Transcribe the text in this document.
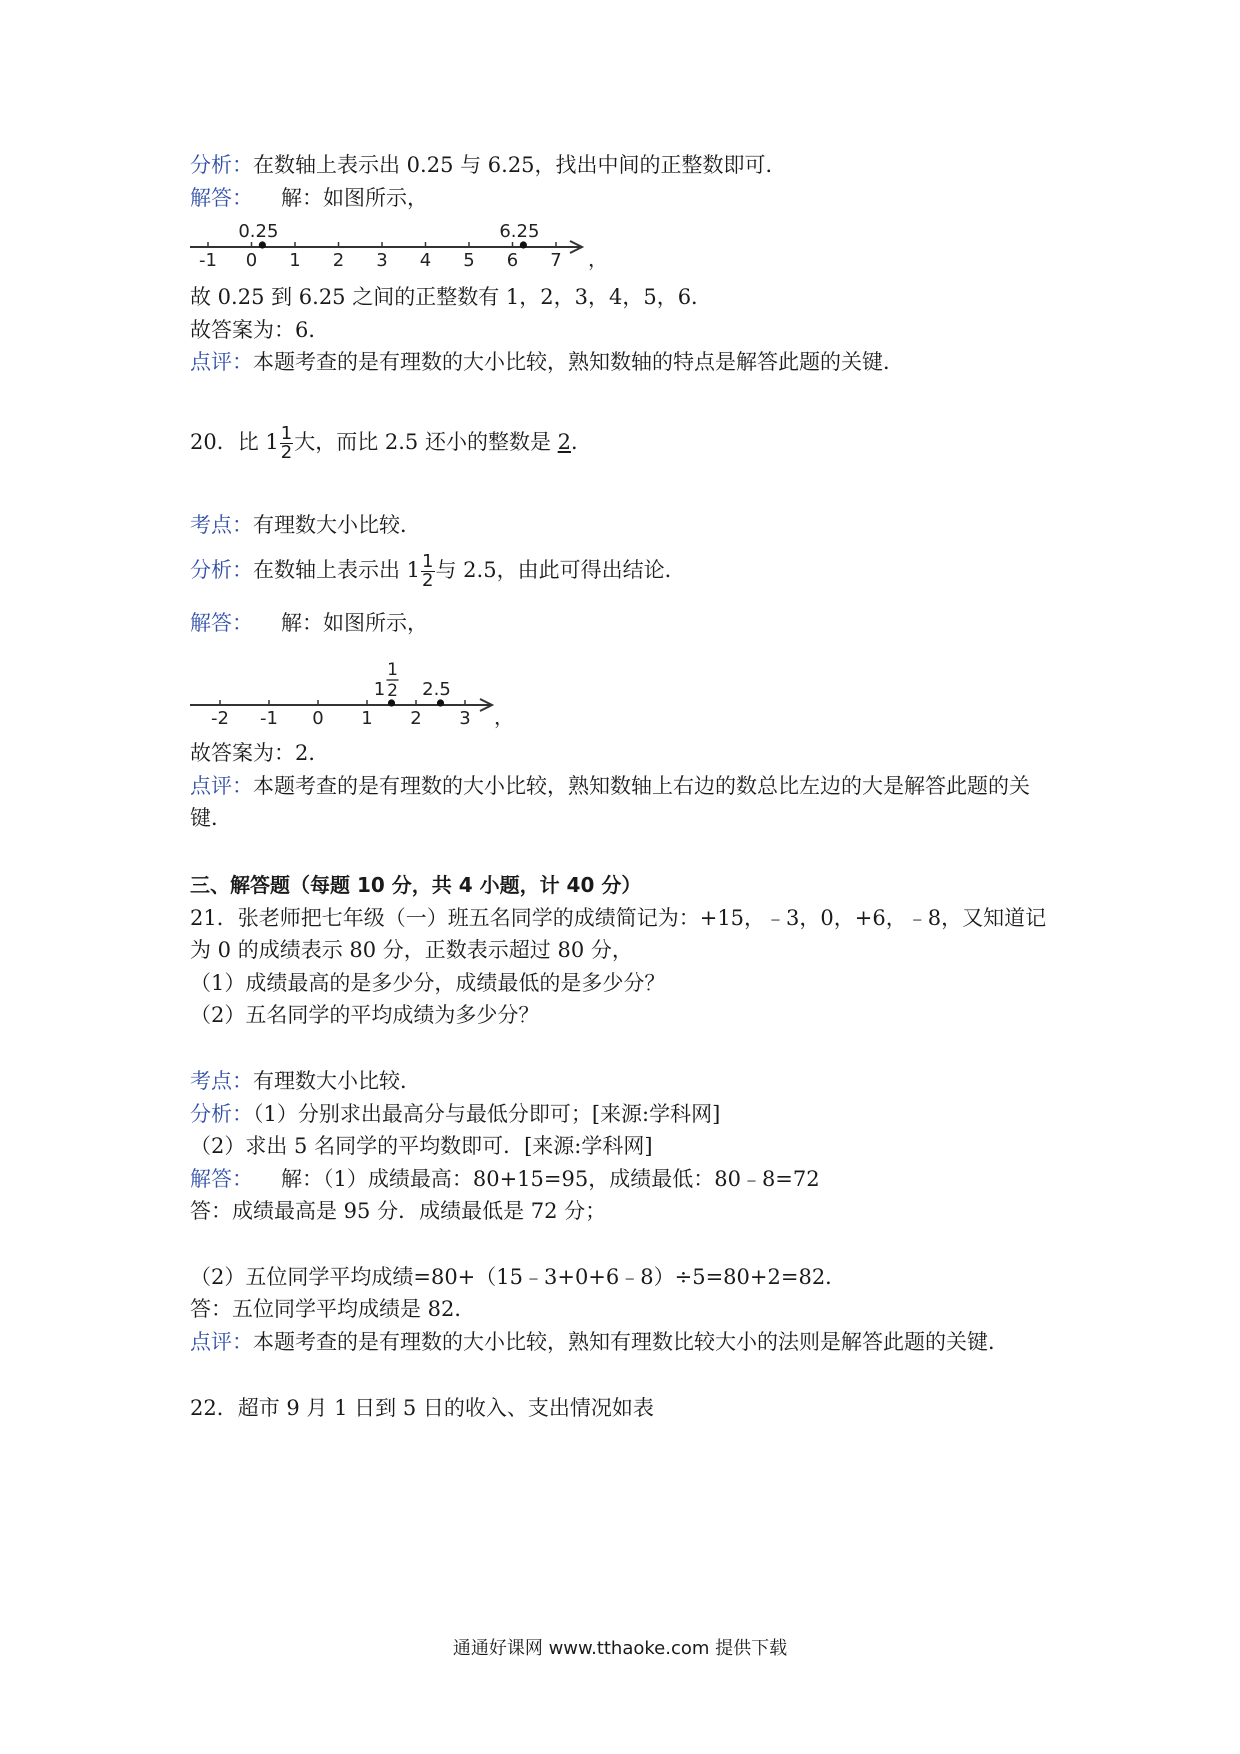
分析：在数轴上表示出 0.25 与 6.25，找出中间的正整数即可．
解答： 解：如图所示，
-1 0 1 2 3 4 5 6 7
0.25	6.25
，
故 0.25 到 6.25 之间的正整数有 1，2，3，4，5，6．
故答案为：6．
点评：本题考查的是有理数的大小比较，熟知数轴的特点是解答此题的关键．
20．比 $1 \frac{1}{2}$ 大，而比 2.5 还小的整数是 2．
考点：有理数大小比较．
分析：在数轴上表示出 $1 \frac{1}{2}$ 与 2.5，由此可得出结论．
解答： 解：如图所示，
-2 -1 0 1 2 3
1
1
2 2.5
，
故答案为：2．
点评：本题考查的是有理数的大小比较，熟知数轴上右边的数总比左边的大是解答此题的关
键．
三、解答题（每题 10 分，共 4 小题，计 40 分）
21．张老师把七年级（一）班五名同学的成绩简记为：+15，﹣3，0，+6，﹣8，又知道记
为 0 的成绩表示 80 分，正数表示超过 80 分，
（1）成绩最高的是多少分，成绩最低的是多少分？
（2）五名同学的平均成绩为多少分？
考点：有理数大小比较．
分析：（1）分别求出最高分与最低分即可；[来源:学科网]
（2）求出 5 名同学的平均数即可．[来源:学科网]
解答： 解：（1）成绩最高：80+15=95，成绩最低：80﹣8=72
答：成绩最高是 95 分．成绩最低是 72 分；
（2）五位同学平均成绩=80+（15﹣3+0+6﹣8）÷5=80+2=82．
答：五位同学平均成绩是 82．
点评：本题考查的是有理数的大小比较，熟知有理数比较大小的法则是解答此题的关键．
22．超市 9 月 1 日到 5 日的收入、支出情况如表
通通好课网 www.tthaoke.com 提供下载
